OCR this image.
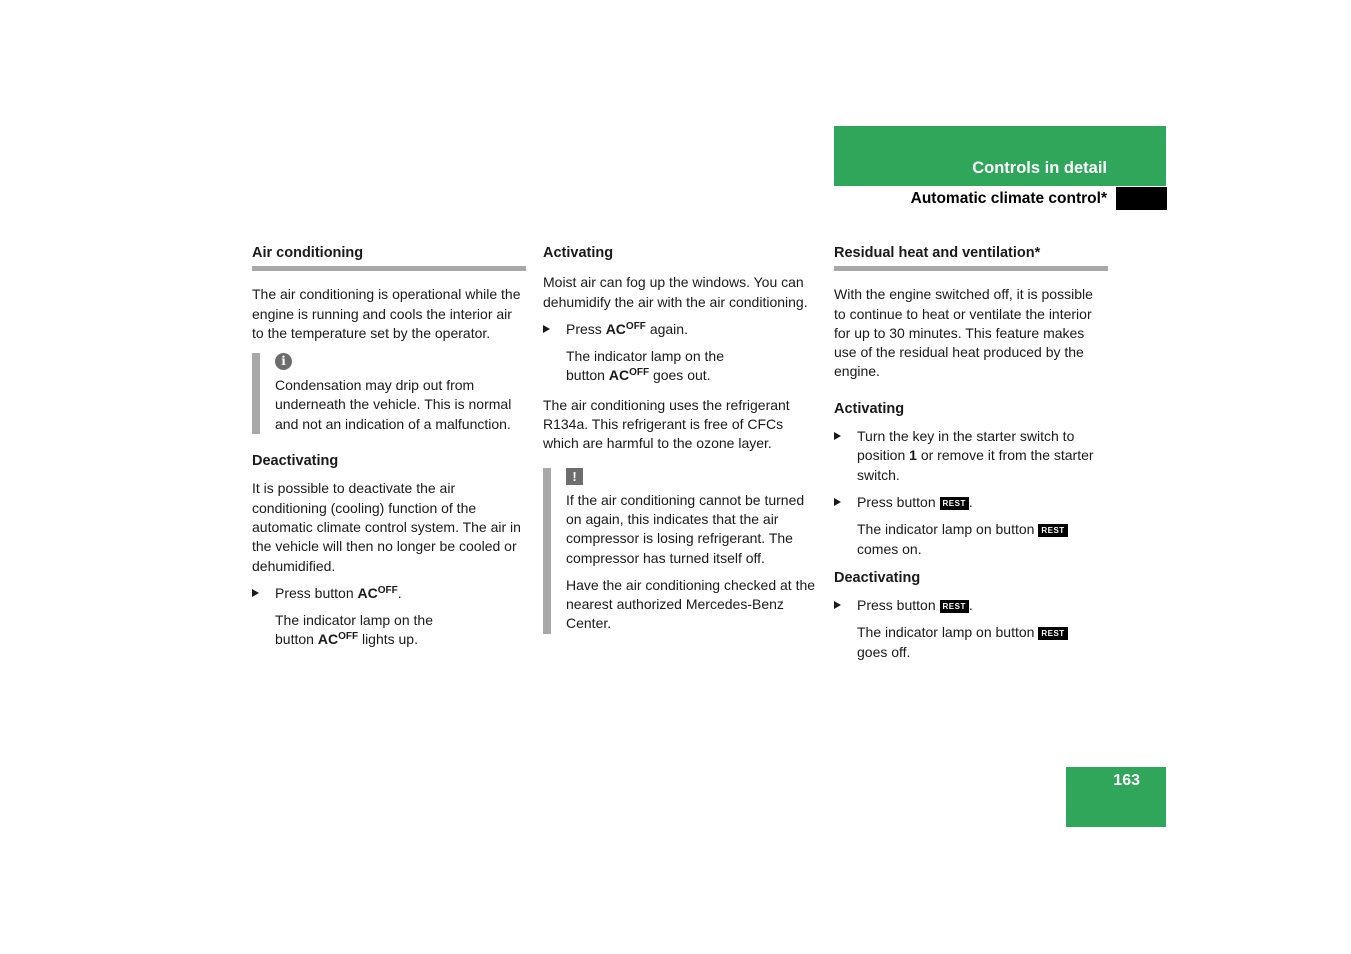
Controls in detail
Automatic climate control*
Air conditioning

The air conditioning is operational while the engine is running and cools the interior air to the temperature set by the operator.

i

Condensation may drip out from underneath the vehicle. This is normal and not an indication of a malfunction.

Deactivating

It is possible to deactivate the air conditioning (cooling) function of the automatic climate control system. The air in the vehicle will then no longer be cooled or dehumidified.

Press button $AC^{OFF}$.
The indicator lamp on the
button $AC^{OFF}$ lights up.
Activating

Moist air can fog up the windows. You can dehumidify the air with the air conditioning.

Press $AC^{OFF}$ again.
The indicator lamp on the
button $AC^{OFF}$ goes out.

The air conditioning uses the refrigerant R134a. This refrigerant is free of CFCs which are harmful to the ozone layer.

!

If the air conditioning cannot be turned on again, this indicates that the air compressor is losing refrigerant. The compressor has turned itself off.

Have the air conditioning checked at the nearest authorized Mercedes-Benz Center.

Residual heat and ventilation*

With the engine switched off, it is possible to continue to heat or ventilate the interior for up to 30 minutes. This feature makes use of the residual heat produced by the engine.

Activating
Turn the key in the starter switch to position 1 or remove it from the starter switch.
Press button REST .
The indicator lamp on button REST
comes on.
Deactivating
Press button REST .
The indicator lamp on button REST
goes off.
163
